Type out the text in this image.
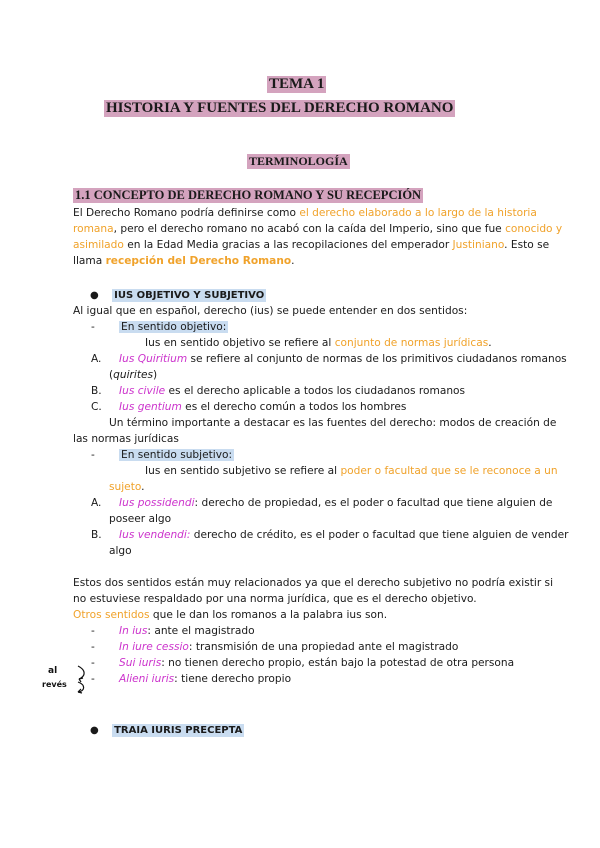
TEMA 1
HISTORIA Y FUENTES DEL DERECHO ROMANO
TERMINOLOGÍA
1.1 CONCEPTO DE DERECHO ROMANO Y SU RECEPCIÓN
El Derecho Romano podría definirse como el derecho elaborado a lo largo de la historia
romana, pero el derecho romano no acabó con la caída del Imperio, sino que fue conocido y
asimilado en la Edad Media gracias a las recopilaciones del emperador Justiniano. Esto se
llama recepción del Derecho Romano.
● IUS OBJETIVO Y SUBJETIVO
Al igual que en español, derecho (ius) se puede entender en dos sentidos:
- En sentido objetivo:
Ius en sentido objetivo se refiere al conjunto de normas jurídicas.
A. Ius Quiritium se refiere al conjunto de normas de los primitivos ciudadanos romanos
(quirites)
B. Ius civile es el derecho aplicable a todos los ciudadanos romanos
C. Ius gentium es el derecho común a todos los hombres
Un término importante a destacar es las fuentes del derecho: modos de creación de
las normas jurídicas
- En sentido subjetivo:
Ius en sentido subjetivo se refiere al poder o facultad que se le reconoce a un
sujeto.
A. Ius possidendi: derecho de propiedad, es el poder o facultad que tiene alguien de
poseer algo
B. Ius vendendi: derecho de crédito, es el poder o facultad que tiene alguien de vender
algo
Estos dos sentidos están muy relacionados ya que el derecho subjetivo no podría existir si
no estuviese respaldado por una norma jurídica, que es el derecho objetivo.
Otros sentidos que le dan los romanos a la palabra ius son.
- In ius: ante el magistrado
- In iure cessio: transmisión de una propiedad ante el magistrado
- Sui iuris: no tienen derecho propio, están bajo la potestad de otra persona
- Alieni iuris: tiene derecho propio
al
revés
● TRAIA IURIS PRECEPTA
